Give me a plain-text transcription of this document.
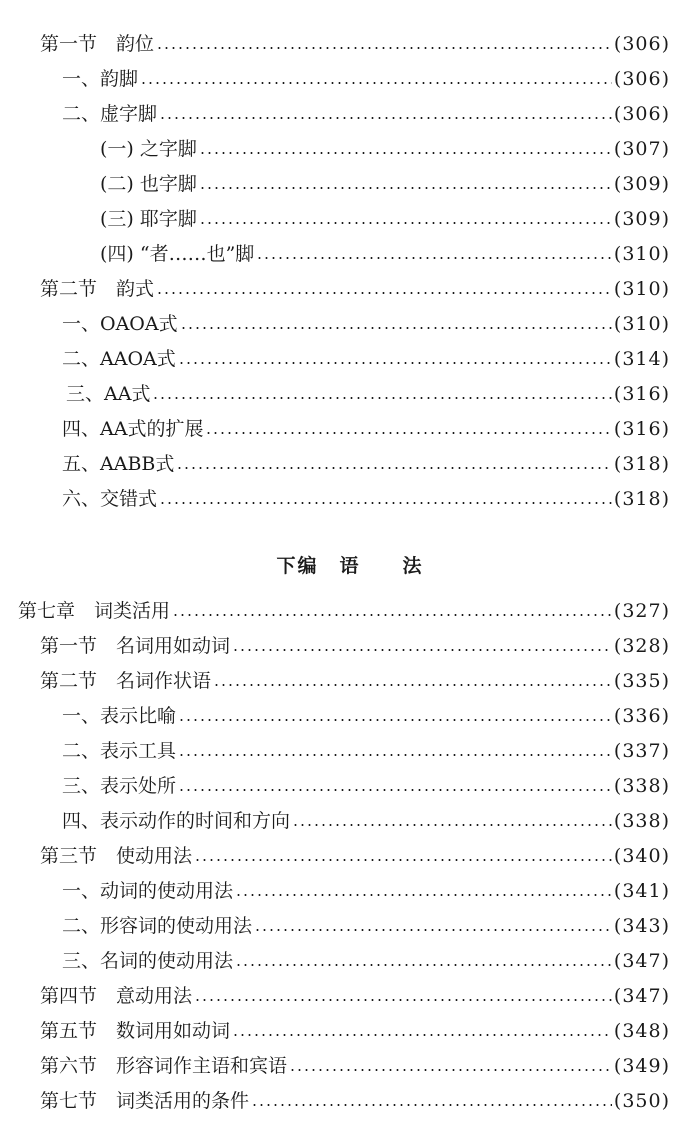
第一节　韵位	(306)
一、韵脚	(306)
二、虚字脚	(306)
(一) 之字脚	(307)
(二) 也字脚	(309)
(三) 耶字脚	(309)
(四) “者……也”脚	(310)
第二节　韵式	(310)
一、OAOA式	(310)
二、AAOA式	(314)
三、AA式	(316)
四、AA式的扩展	(316)
五、AABB式	(318)
六、交错式	(318)
下编　语　　法
第七章　词类活用	(327)
第一节　名词用如动词	(328)
第二节　名词作状语	(335)
一、表示比喻	(336)
二、表示工具	(337)
三、表示处所	(338)
四、表示动作的时间和方向	(338)
第三节　使动用法	(340)
一、动词的使动用法	(341)
二、形容词的使动用法	(343)
三、名词的使动用法	(347)
第四节　意动用法	(347)
第五节　数词用如动词	(348)
第六节　形容词作主语和宾语	(349)
第七节　词类活用的条件	(350)
